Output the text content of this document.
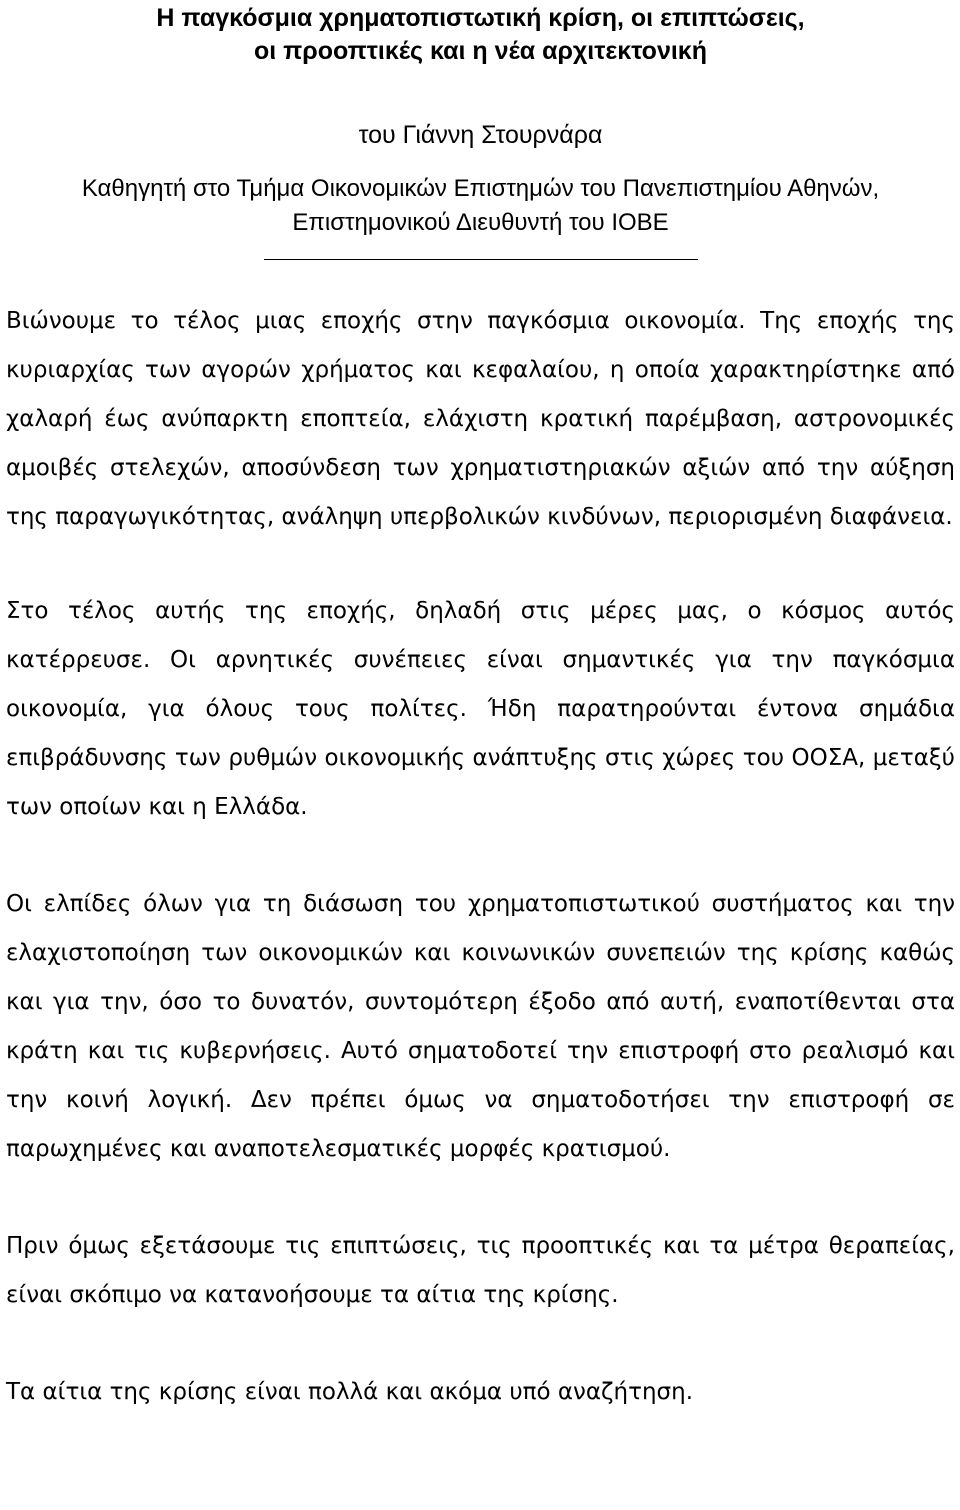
Η παγκόσμια χρηματοπιστωτική κρίση, οι επιπτώσεις,
οι προοπτικές και η νέα αρχιτεκτονική

του Γιάννη Στουρνάρα

Καθηγητή στο Τμήμα Οικονομικών Επιστημών του Πανεπιστημίου Αθηνών,
Επιστημονικού Διευθυντή του ΙΟΒΕ

Βιώνουμε το τέλος μιας εποχής στην παγκόσμια οικονομία. Της εποχής της κυριαρχίας των αγορών χρήματος και κεφαλαίου, η οποία χαρακτηρίστηκε από χαλαρή έως ανύπαρκτη εποπτεία, ελάχιστη κρατική παρέμβαση, αστρονομικές αμοιβές στελεχών, αποσύνδεση των χρηματιστηριακών αξιών από την αύξηση της παραγωγικότητας, ανάληψη υπερβολικών κινδύνων, περιορισμένη διαφάνεια.

Στο τέλος αυτής της εποχής, δηλαδή στις μέρες μας, ο κόσμος αυτός κατέρρευσε. Οι αρνητικές συνέπειες είναι σημαντικές για την παγκόσμια οικονομία, για όλους τους πολίτες. Ήδη παρατηρούνται έντονα σημάδια επιβράδυνσης των ρυθμών οικονομικής ανάπτυξης στις χώρες του ΟΟΣΑ, μεταξύ των οποίων και η Ελλάδα.

Οι ελπίδες όλων για τη διάσωση του χρηματοπιστωτικού συστήματος και την ελαχιστοποίηση των οικονομικών και κοινωνικών συνεπειών της κρίσης καθώς και για την, όσο το δυνατόν, συντομότερη έξοδο από αυτή, εναποτίθενται στα κράτη και τις κυβερνήσεις. Αυτό σηματοδοτεί την επιστροφή στο ρεαλισμό και την κοινή λογική. Δεν πρέπει όμως να σηματοδοτήσει την επιστροφή σε παρωχημένες και αναποτελεσματικές μορφές κρατισμού.

Πριν όμως εξετάσουμε τις επιπτώσεις, τις προοπτικές και τα μέτρα θεραπείας, είναι σκόπιμο να κατανοήσουμε τα αίτια της κρίσης.

Τα αίτια της κρίσης είναι πολλά και ακόμα υπό αναζήτηση.
